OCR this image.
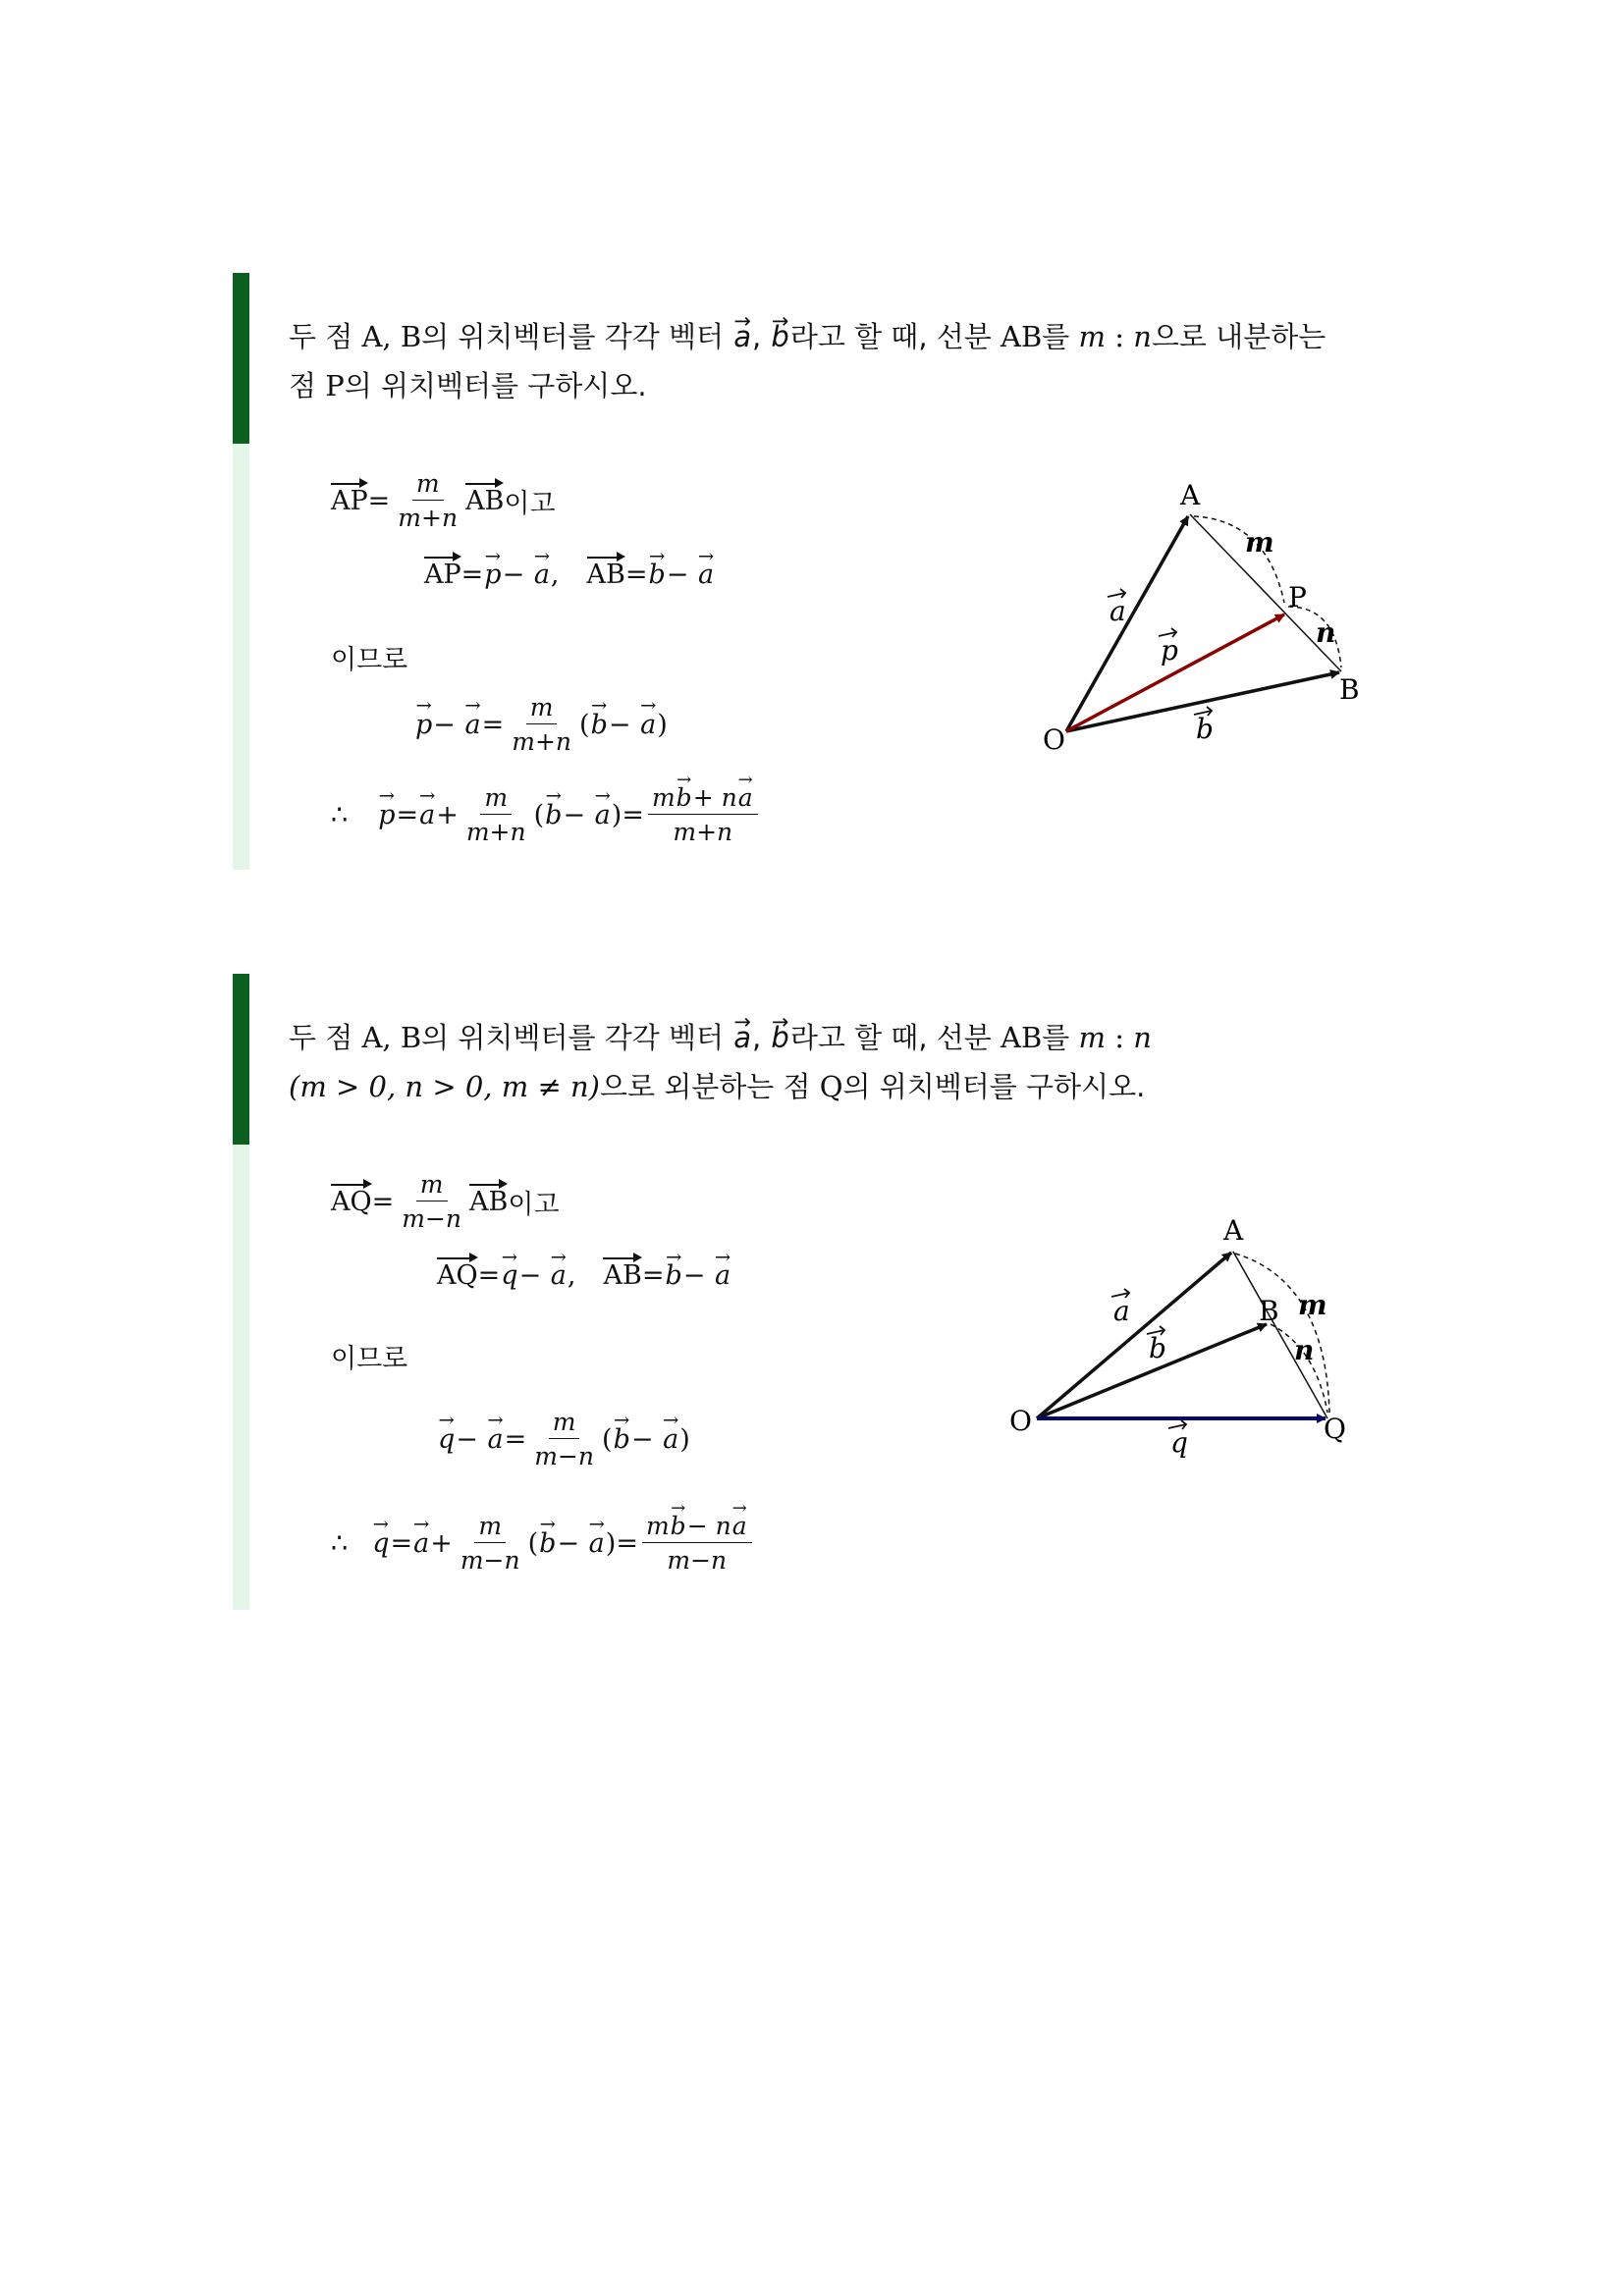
두 점 A, B의 위치벡터를 각각 벡터 → a, → b라고 할 때, 선분 AB를 m : n으로 내분하는
점 P의 위치벡터를 구하시오.
AP = $\frac{m}{m+n}$ AB 이고
AP = → p −
→ a , AB = → b −
→ a
이므로
→ p −
→ $a = \frac{m}{m+n}$ ( → b −
→ a )
∴ → p = → $a + \frac{m}{m+n}$ ( → b −
→ a ) = $\frac{m\to b+ n\to a}{m+n}$
A
B
P
O
m
n
a
p
b
두 점 A, B의 위치벡터를 각각 벡터 → a, → b라고 할 때, 선분 AB를 m : n
(m > 0, n > 0, m ≠ n)으로 외분하는 점 Q의 위치벡터를 구하시오.
AQ = $\frac{m}{m-n}$ AB 이고
AQ = → q −
→ a , AB = → b −
→ a
이므로
→ q −
→ $a = \frac{m}{m-n}$ ( → b −
→ a )
∴ → q = → $a + \frac{m}{m-n}$ ( → b −
→ a ) = $\frac{m\to b- n\to a}{m-n}$
A
B
Q
O
m
n
a
b
q
